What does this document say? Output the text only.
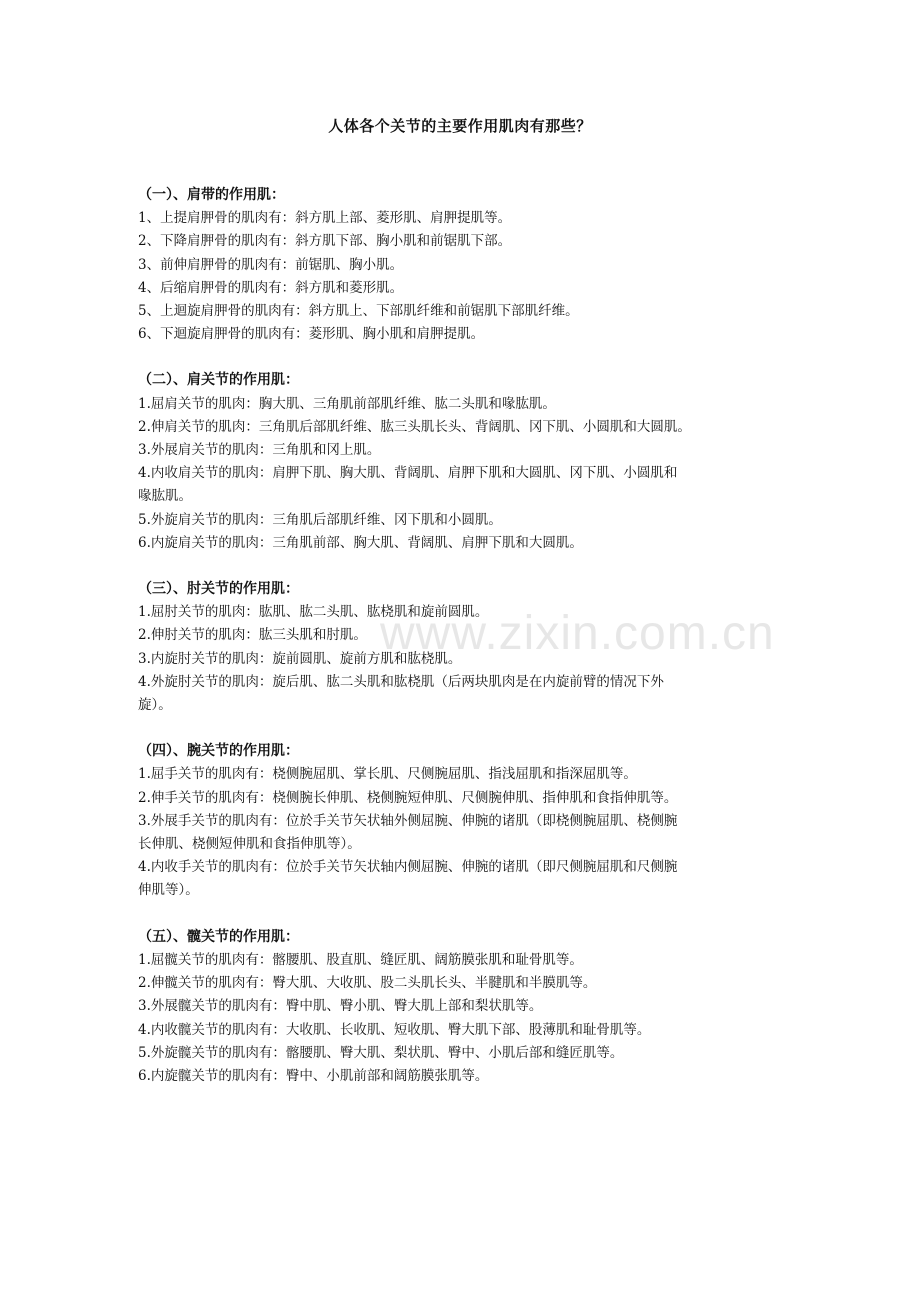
人体各个关节的主要作用肌肉有那些？
www.zixin.com.cn

（一）、肩带的作用肌：

1、上提肩胛骨的肌肉有：斜方肌上部、菱形肌、肩胛提肌等。

2、下降肩胛骨的肌肉有：斜方肌下部、胸小肌和前锯肌下部。

3、前伸肩胛骨的肌肉有：前锯肌、胸小肌。

4、后缩肩胛骨的肌肉有：斜方肌和菱形肌。

5、上迴旋肩胛骨的肌肉有：斜方肌上、下部肌纤维和前锯肌下部肌纤维。

6、下迴旋肩胛骨的肌肉有：菱形肌、胸小肌和肩胛提肌。

（二）、肩关节的作用肌：

1.屈肩关节的肌肉：胸大肌、三角肌前部肌纤维、肱二头肌和喙肱肌。

2.伸肩关节的肌肉：三角肌后部肌纤维、肱三头肌长头、背阔肌、冈下肌、小圆肌和大圆肌。

3.外展肩关节的肌肉：三角肌和冈上肌。

4.内收肩关节的肌肉：肩胛下肌、胸大肌、背阔肌、肩胛下肌和大圆肌、冈下肌、小圆肌和

喙肱肌。

5.外旋肩关节的肌肉：三角肌后部肌纤维、冈下肌和小圆肌。

6.内旋肩关节的肌肉：三角肌前部、胸大肌、背阔肌、肩胛下肌和大圆肌。

（三）、肘关节的作用肌：

1.屈肘关节的肌肉：肱肌、肱二头肌、肱桡肌和旋前圆肌。

2.伸肘关节的肌肉：肱三头肌和肘肌。

3.内旋肘关节的肌肉：旋前圆肌、旋前方肌和肱桡肌。

4.外旋肘关节的肌肉：旋后肌、肱二头肌和肱桡肌（后两块肌肉是在内旋前臂的情况下外

旋）。

（四）、腕关节的作用肌：

1.屈手关节的肌肉有：桡侧腕屈肌、掌长肌、尺侧腕屈肌、指浅屈肌和指深屈肌等。

2.伸手关节的肌肉有：桡侧腕长伸肌、桡侧腕短伸肌、尺侧腕伸肌、指伸肌和食指伸肌等。

3.外展手关节的肌肉有：位於手关节矢状轴外侧屈腕、伸腕的诸肌（即桡侧腕屈肌、桡侧腕

长伸肌、桡侧短伸肌和食指伸肌等）。

4.内收手关节的肌肉有：位於手关节矢状轴内侧屈腕、伸腕的诸肌（即尺侧腕屈肌和尺侧腕

伸肌等）。

（五）、髋关节的作用肌：

1.屈髋关节的肌肉有：髂腰肌、股直肌、缝匠肌、阔筋膜张肌和耻骨肌等。

2.伸髋关节的肌肉有：臀大肌、大收肌、股二头肌长头、半腱肌和半膜肌等。

3.外展髋关节的肌肉有：臀中肌、臀小肌、臀大肌上部和梨状肌等。

4.内收髋关节的肌肉有：大收肌、长收肌、短收肌、臀大肌下部、股薄肌和耻骨肌等。

5.外旋髋关节的肌肉有：髂腰肌、臀大肌、梨状肌、臀中、小肌后部和缝匠肌等。

6.内旋髋关节的肌肉有：臀中、小肌前部和阔筋膜张肌等。
